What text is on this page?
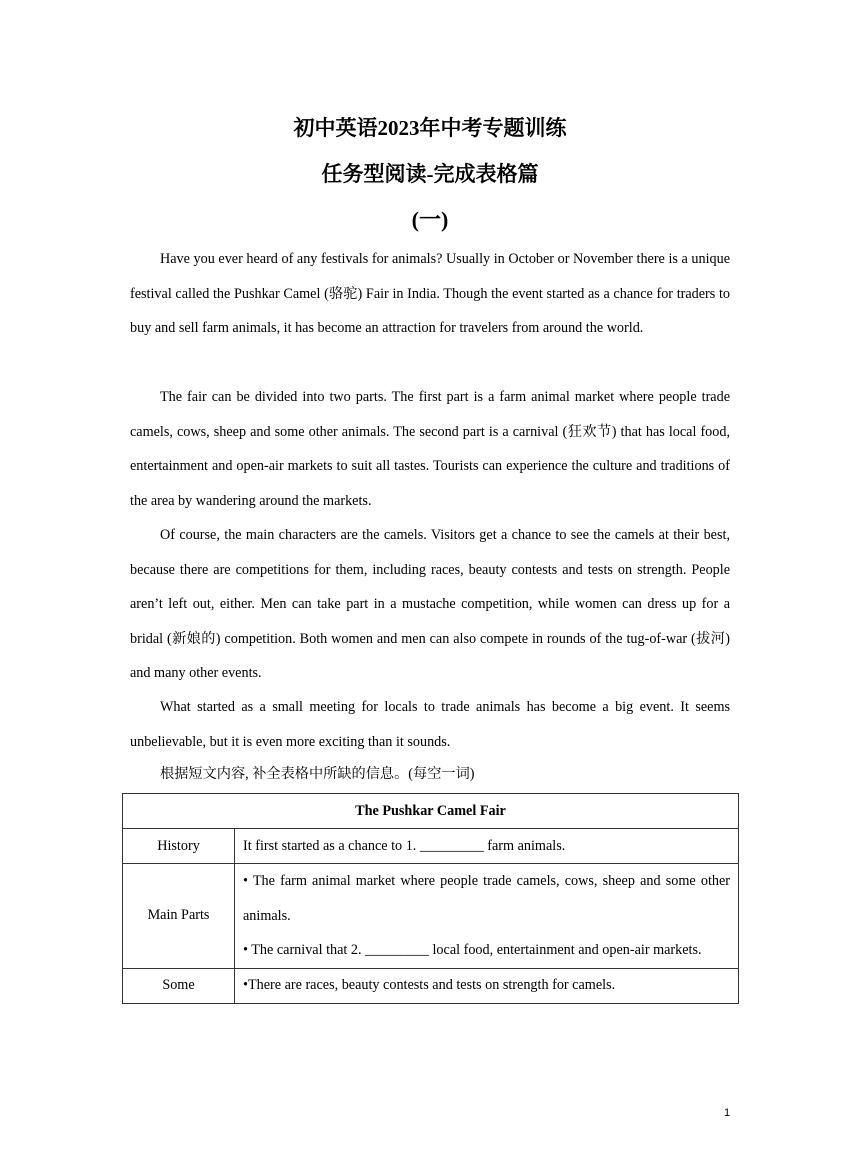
初中英语2023年中考专题训练
任务型阅读-完成表格篇
(一)

Have you ever heard of any festivals for animals? Usually in October or November there is a unique festival called the Pushkar Camel (骆驼) Fair in India. Though the event started as a chance for traders to buy and sell farm animals, it has become an attraction for travelers from around the world.

The fair can be divided into two parts. The first part is a farm animal market where people trade camels, cows, sheep and some other animals. The second part is a carnival (狂欢节) that has local food, entertainment and open-air markets to suit all tastes. Tourists can experience the culture and traditions of the area by wandering around the markets.

Of course, the main characters are the camels. Visitors get a chance to see the camels at their best, because there are competitions for them, including races, beauty contests and tests on strength. People aren’t left out, either. Men can take part in a mustache competition, while women can dress up for a bridal (新娘的) competition. Both women and men can also compete in rounds of the tug-of-war (拔河) and many other events.

What started as a small meeting for locals to trade animals has become a big event. It seems unbelievable, but it is even more exciting than it sounds.

根据短文内容, 补全表格中所缺的信息。(每空一词)
The Pushkar Camel Fair	
History	It first started as a chance to 1. _________ farm animals.
Main Parts	• The farm animal market where people trade camels, cows, sheep and some other animals.
• The carnival that 2. _________ local food, entertainment and open-air markets.

Some	•There are races, beauty contests and tests on strength for camels.
1
